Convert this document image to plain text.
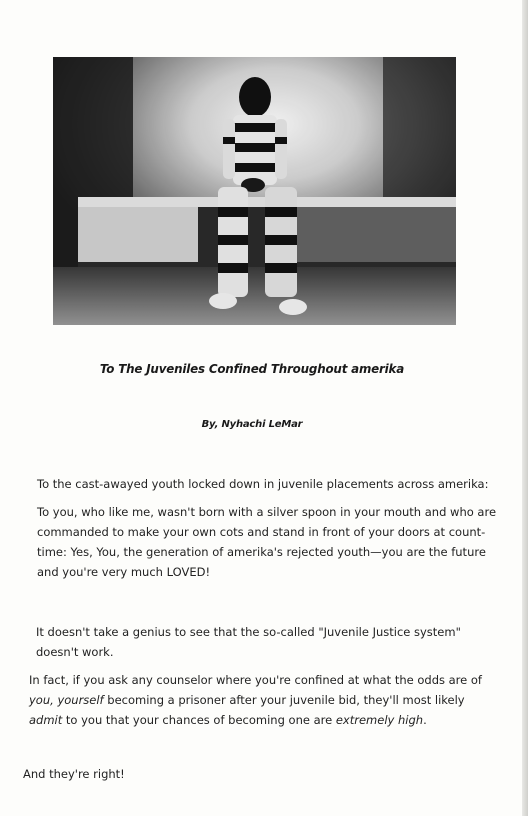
To The Juveniles Confined Throughout amerika
By, Nyhachi LeMar

To the cast-awayed youth locked down in juvenile placements across amerika:

To you, who like me, wasn't born with a silver spoon in your mouth and who are commanded to make your own cots and stand in front of your doors at count-time: Yes, You, the generation of amerika's rejected youth—you are the future and you're very much LOVED!

It doesn't take a genius to see that the so-called "Juvenile Justice system" doesn't work.

In fact, if you ask any counselor where you're confined at what the odds are of you, yourself becoming a prisoner after your juvenile bid, they'll most likely admit to you that your chances of becoming one are extremely high.

And they're right!
